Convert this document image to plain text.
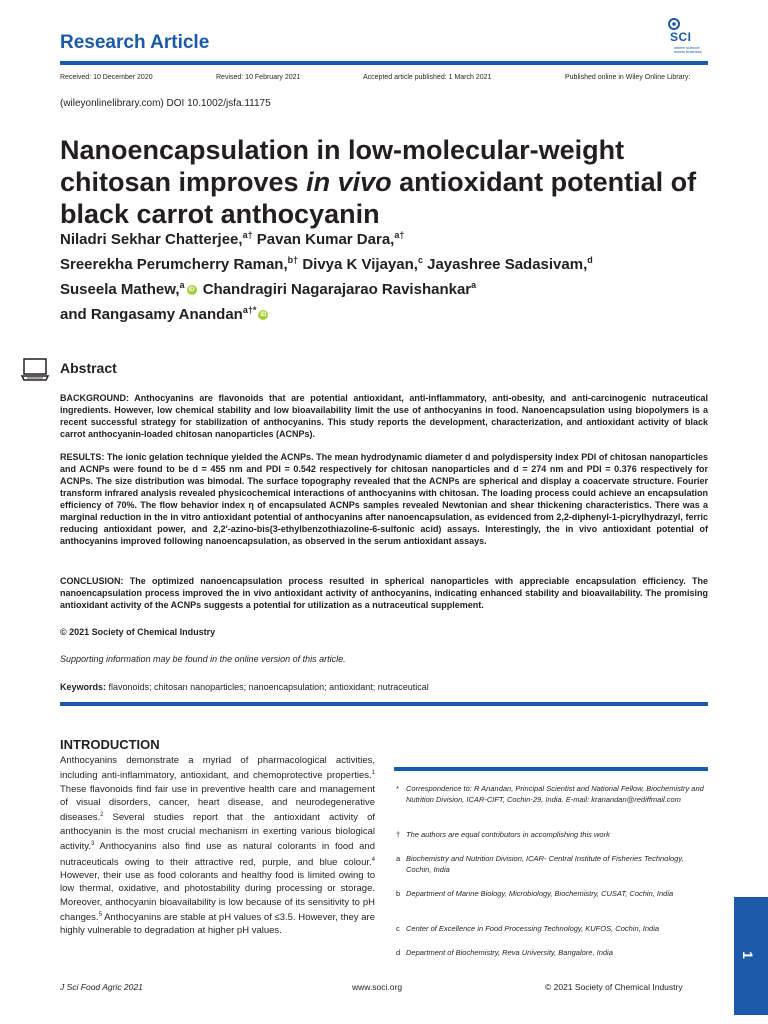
Research Article	SCI
where science meets business
Received: 10 December 2020	Revised: 10 February 2021	Accepted article published: 1 March 2021	Published online in Wiley Online Library:
(wileyonlinelibrary.com) DOI 10.1002/jsfa.11175
Nanoencapsulation in low-molecular-weight chitosan improves in vivo antioxidant potential of black carrot anthocyanin
Niladri Sekhar Chatterjee,$^{a\dagger}$ Pavan Kumar Dara,$^{a\dagger}$
Sreerekha Perumcherry Raman,$^{b\dagger}$ Divya K Vijayan,$^c$ Jayashree Sadasivam,$^d$
Suseela Mathew,$^a$iD Chandragiri Nagarajarao Ravishankar$^a$
and Rangasamy Anandan$^{a\dagger*}$iD
Abstract
BACKGROUND: Anthocyanins are flavonoids that are potential antioxidant, anti-inflammatory, anti-obesity, and anti-carcinogenic nutraceutical ingredients. However, low chemical stability and low bioavailability limit the use of anthocyanins in food. Nanoencapsulation using biopolymers is a recent successful strategy for stabilization of anthocyanins. This study reports the development, characterization, and antioxidant activity of black carrot anthocyanin-loaded chitosan nanoparticles (ACNPs).
RESULTS: The ionic gelation technique yielded the ACNPs. The mean hydrodynamic diameter d and polydispersity index PDI of chitosan nanoparticles and ACNPs were found to be d = 455 nm and PDI = 0.542 respectively for chitosan nanoparticles and d = 274 nm and PDI = 0.376 respectively for ACNPs. The size distribution was bimodal. The surface topography revealed that the ACNPs are spherical and display a coacervate structure. Fourier transform infrared analysis revealed physicochemical interactions of anthocyanins with chitosan. The loading process could achieve an encapsulation efficiency of 70%. The flow behavior index η of encapsulated ACNPs samples revealed Newtonian and shear thickening characteristics. There was a marginal reduction in the in vitro antioxidant potential of anthocyanins after nanoencapsulation, as evidenced from 2,2-diphenyl-1-picrylhydrazyl, ferric reducing antioxidant power, and 2,2′-azino-bis(3-ethylbenzothiazoline-6-sulfonic acid) assays. Interestingly, the in vivo antioxidant potential of anthocyanins improved following nanoencapsulation, as observed in the serum antioxidant assays.
CONCLUSION: The optimized nanoencapsulation process resulted in spherical nanoparticles with appreciable encapsulation efficiency. The nanoencapsulation process improved the in vivo antioxidant activity of anthocyanins, indicating enhanced stability and bioavailability. The promising antioxidant activity of the ACNPs suggests a potential for utilization as a nutraceutical supplement.
© 2021 Society of Chemical Industry
Supporting information may be found in the online version of this article.
Keywords: flavonoids; chitosan nanoparticles; nanoencapsulation; antioxidant; nutraceutical
INTRODUCTION
Anthocyanins demonstrate a myriad of pharmacological activities, including anti-inflammatory, antioxidant, and chemoprotective properties.$^1$ These flavonoids find fair use in preventive health care and management of visual disorders, cancer, heart disease, and neurodegenerative diseases.$^2$ Several studies report that the antioxidant activity of anthocyanin is the most crucial mechanism in exerting various biological activity.$^3$ Anthocyanins also find use as natural colorants in food and nutraceuticals owing to their attractive red, purple, and blue colour.$^4$ However, their use as food colorants and healthy food is limited owing to low thermal, oxidative, and photostability during processing or storage. Moreover, anthocyanin bioavailability is low because of its sensitivity to pH changes.$^5$ Anthocyanins are stable at pH values of ≤3.5. However, they are highly vulnerable to degradation at higher pH values.
* Correspondence to: R Anandan, Principal Scientist and National Fellow, Biochemistry and Nutrition Division, ICAR-CIFT, Cochin-29, India. E-mail: kranandan@rediffmail.com
† The authors are equal contributors in accomplishing this work
a Biochemistry and Nutrition Division, ICAR- Central Institute of Fisheries Technology, Cochin, India
b Department of Marine Biology, Microbiology, Biochemistry, CUSAT, Cochin, India
c Center of Excellence in Food Processing Technology, KUFOS, Cochin, India
d Department of Biochemistry, Reva University, Bangalore, India
J Sci Food Agric 2021	www.soci.org	© 2021 Society of Chemical Industry
1
